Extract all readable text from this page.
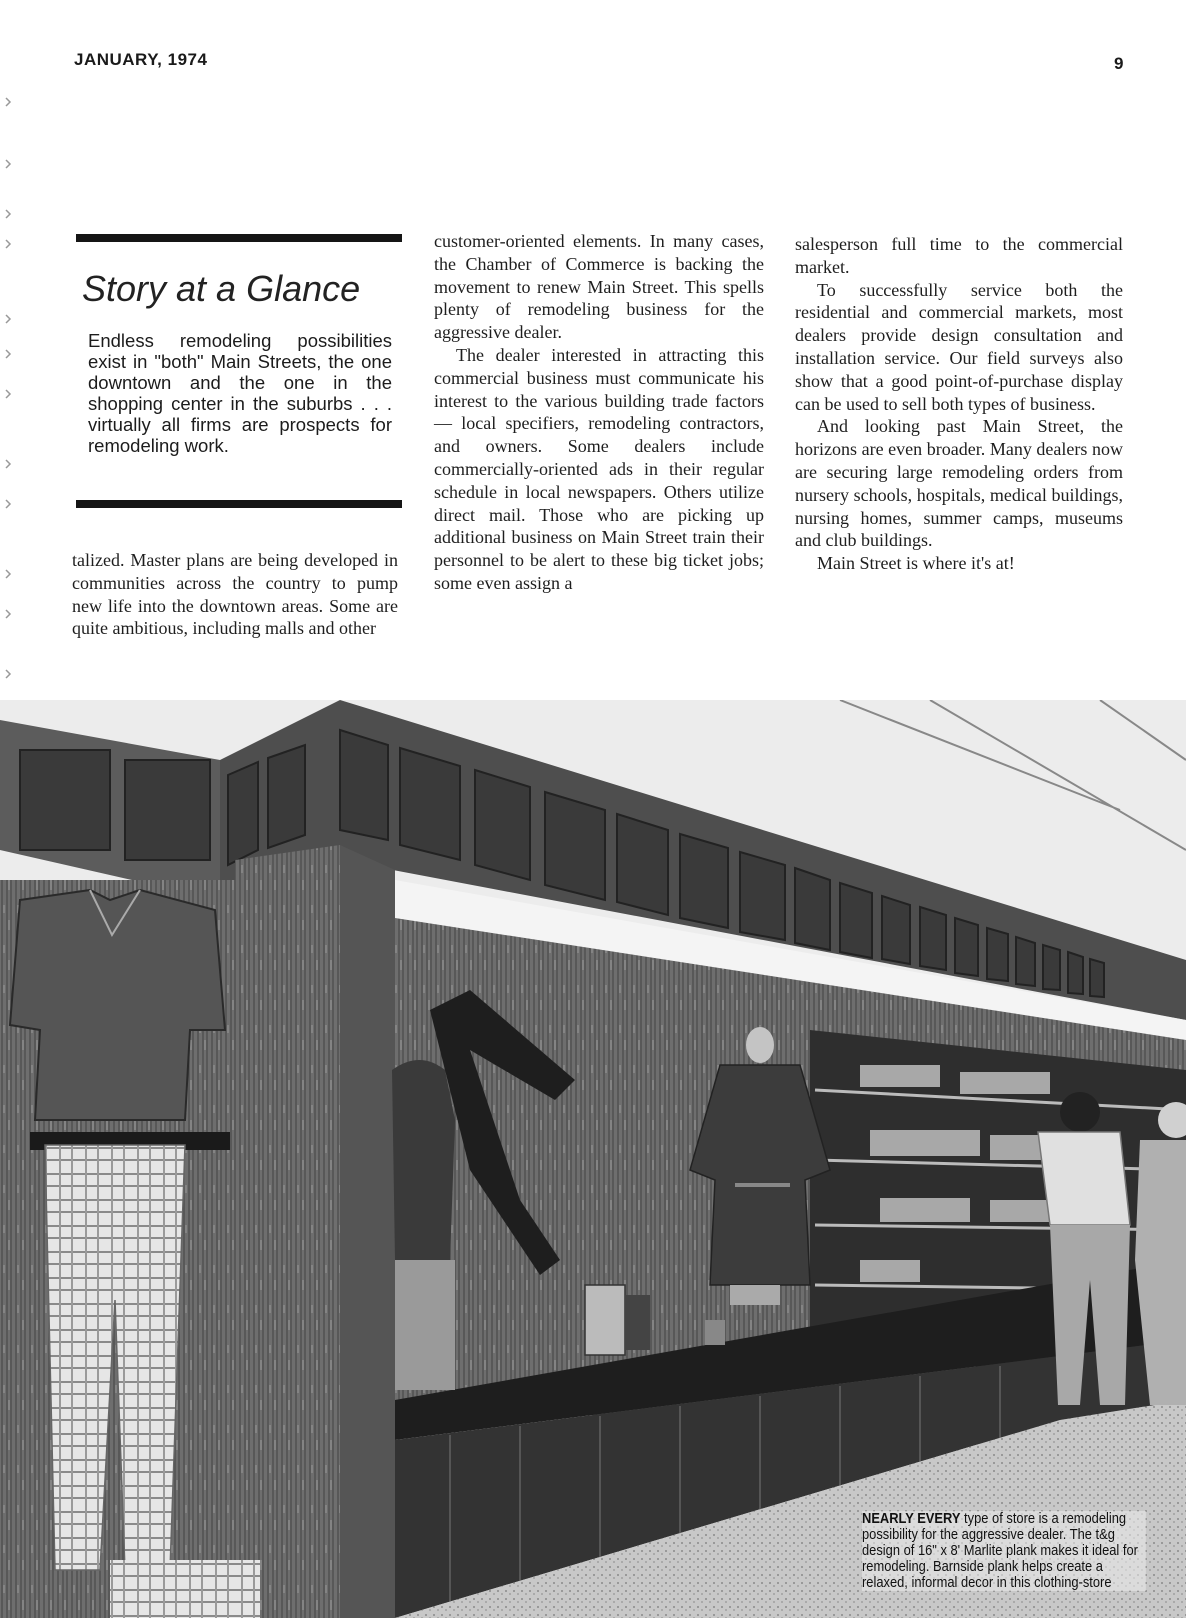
JANUARY, 1974	9
Story at a Glance
Endless remodeling possibilities exist in "both" Main Streets, the one downtown and the one in the shopping center in the suburbs . . . virtually all firms are prospects for remodeling work.

talized. Master plans are being developed in communities across the country to pump new life into the downtown areas. Some are quite ambitious, including malls and other

customer-oriented elements. In many cases, the Chamber of Commerce is backing the movement to renew Main Street. This spells plenty of remodeling business for the aggressive dealer.

The dealer interested in attracting this commercial business must communicate his interest to the various building trade factors — local specifiers, remodeling contractors, and owners. Some dealers include commercially-oriented ads in their regular schedule in local newspapers. Others utilize direct mail. Those who are picking up additional business on Main Street train their personnel to be alert to these big ticket jobs; some even assign a

salesperson full time to the commercial market.

To successfully service both the residential and commercial markets, most dealers provide design consultation and installation service. Our field surveys also show that a good point-of-purchase display can be used to sell both types of business.

And looking past Main Street, the horizons are even broader. Many dealers now are securing large remodeling orders from nursery schools, hospitals, medical buildings, nursing homes, summer camps, museums and club buildings.

Main Street is where it's at!

NEARLY EVERY type of store is a remodeling possibility for the aggressive dealer. The t&g design of 16" x 8' Marlite plank makes it ideal for remodeling. Barnside plank helps create a relaxed, informal decor in this clothing-store
